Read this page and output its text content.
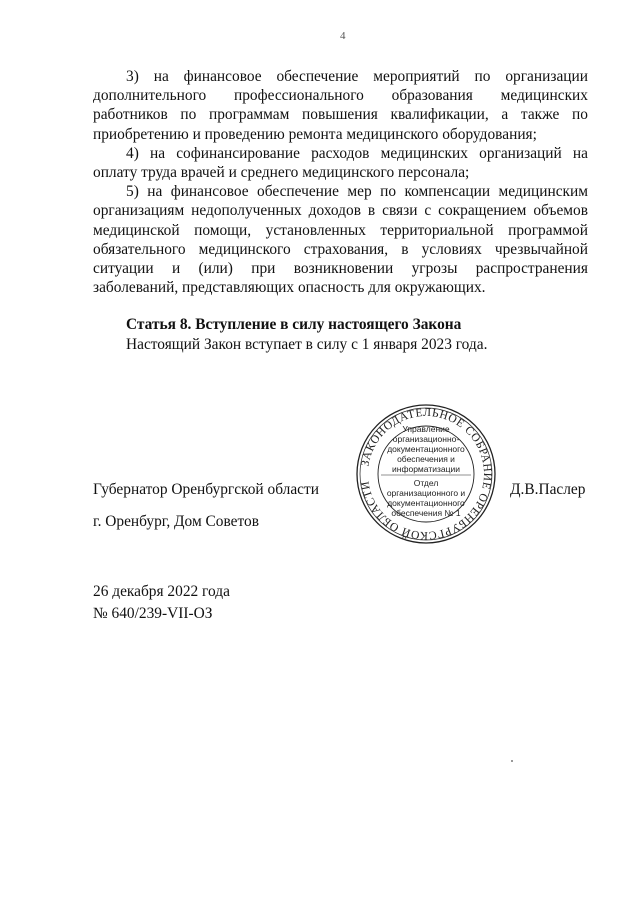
4

3) на финансовое обеспечение мероприятий по организации дополнительного профессионального образования медицинских работников по программам повышения квалификации, а также по приобретению и проведению ремонта медицинского оборудования;

4) на софинансирование расходов медицинских организаций на оплату труда врачей и среднего медицинского персонала;

5) на финансовое обеспечение мер по компенсации медицинским организациям недополученных доходов в связи с сокращением объемов медицинской помощи, установленных территориальной программой обязательного медицинского страхования, в условиях чрезвычайной ситуации и (или) при возникновении угрозы распространения заболеваний, представляющих опасность для окружающих.

Статья 8. Вступление в силу настоящего Закона

Настоящий Закон вступает в силу с 1 января 2023 года.

ЗАКОНОДАТЕЛЬНОЕ СОБРАНИЕ ОРЕНБУРГСКОЙ ОБЛАСТИ
Управление организационно-документационного обеспечения и информатизации
Отдел организационного и документационного обеспечения № 1
Губернатор Оренбургской области	Д.В.Паслер
г. Оренбург, Дом Советов
26 декабря 2022 года
№ 640/239-VII-ОЗ
